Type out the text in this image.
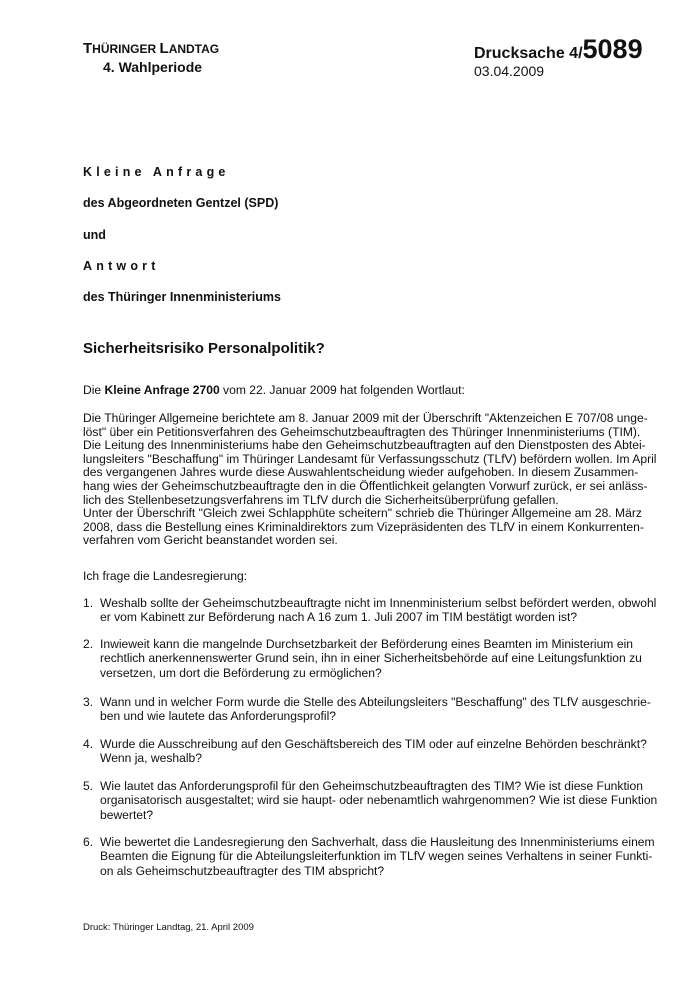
THÜRINGER LANDTAG
4. Wahlperiode
Drucksache 4/5089
03.04.2009
Kleine Anfrage
des Abgeordneten Gentzel (SPD)
und
Antwort
des Thüringer Innenministeriums
Sicherheitsrisiko Personalpolitik?
Die Kleine Anfrage 2700 vom 22. Januar 2009 hat folgenden Wortlaut:
Die Thüringer Allgemeine berichtete am 8. Januar 2009 mit der Überschrift "Aktenzeichen E 707/08 unge-
löst" über ein Petitionsverfahren des Geheimschutzbeauftragten des Thüringer Innenministeriums (TIM).
Die Leitung des Innenministeriums habe den Geheimschutzbeauftragten auf den Dienstposten des Abtei-
lungsleiters "Beschaffung" im Thüringer Landesamt für Verfassungsschutz (TLfV) befördern wollen. Im April
des vergangenen Jahres wurde diese Auswahlentscheidung wieder aufgehoben. In diesem Zusammen-
hang wies der Geheimschutzbeauftragte den in die Öffentlichkeit gelangten Vorwurf zurück, er sei anläss-
lich des Stellenbesetzungsverfahrens im TLfV durch die Sicherheitsüberprüfung gefallen.
Unter der Überschrift "Gleich zwei Schlapphüte scheitern" schrieb die Thüringer Allgemeine am 28. März
2008, dass die Bestellung eines Kriminaldirektors zum Vizepräsidenten des TLfV in einem Konkurrenten-
verfahren vom Gericht beanstandet worden sei.
Ich frage die Landesregierung:
1. Weshalb sollte der Geheimschutzbeauftragte nicht im Innenministerium selbst befördert werden, obwohl
er vom Kabinett zur Beförderung nach A 16 zum 1. Juli 2007 im TIM bestätigt worden ist?
2. Inwieweit kann die mangelnde Durchsetzbarkeit der Beförderung eines Beamten im Ministerium ein
rechtlich anerkennenswerter Grund sein, ihn in einer Sicherheitsbehörde auf eine Leitungsfunktion zu
versetzen, um dort die Beförderung zu ermöglichen?
3. Wann und in welcher Form wurde die Stelle des Abteilungsleiters "Beschaffung" des TLfV ausgeschrie-
ben und wie lautete das Anforderungsprofil?
4. Wurde die Ausschreibung auf den Geschäftsbereich des TIM oder auf einzelne Behörden beschränkt?
Wenn ja, weshalb?
5. Wie lautet das Anforderungsprofil für den Geheimschutzbeauftragten des TIM? Wie ist diese Funktion
organisatorisch ausgestaltet; wird sie haupt- oder nebenamtlich wahrgenommen? Wie ist diese Funktion
bewertet?
6. Wie bewertet die Landesregierung den Sachverhalt, dass die Hausleitung des Innenministeriums einem
Beamten die Eignung für die Abteilungsleiterfunktion im TLfV wegen seines Verhaltens in seiner Funkti-
on als Geheimschutzbeauftragter des TIM abspricht?
Druck: Thüringer Landtag, 21. April 2009
